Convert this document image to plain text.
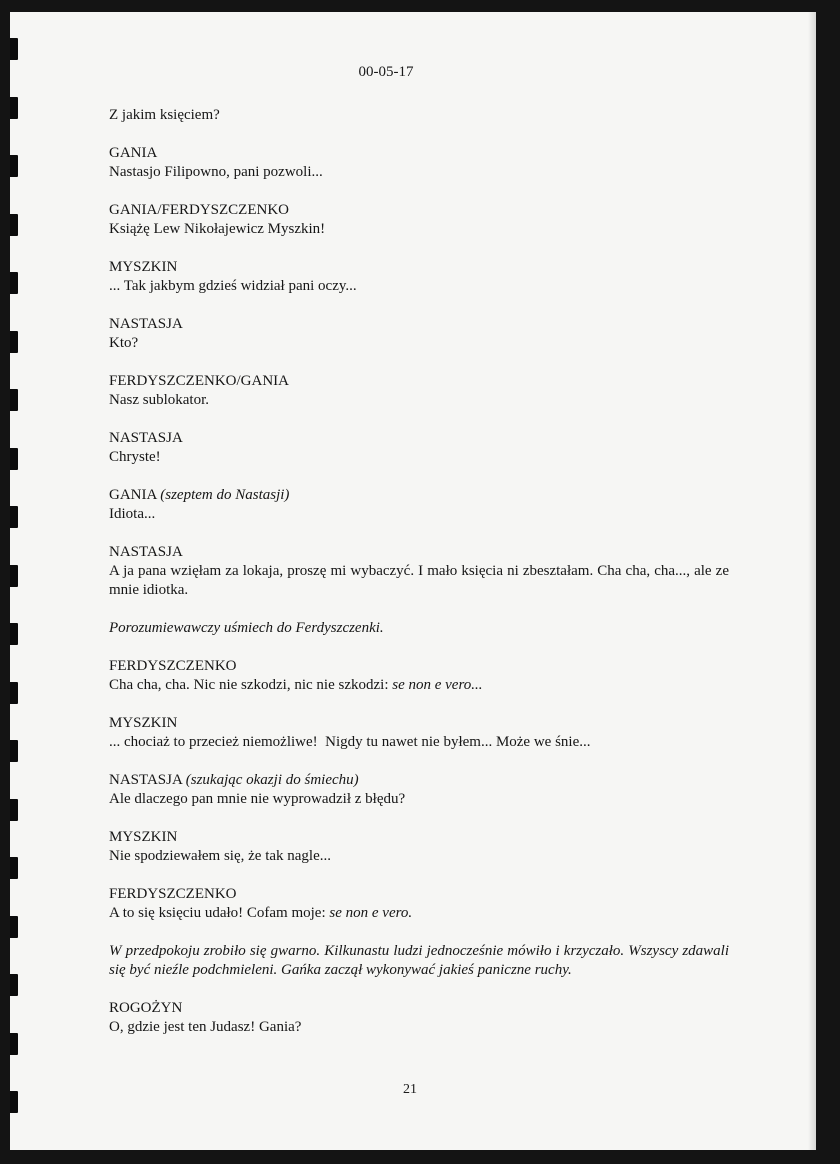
00-05-17
Z jakim księciem?
GANIA
Nastasjo Filipowno, pani pozwoli...
GANIA/FERDYSZCZENKO
Książę Lew Nikołajewicz Myszkin!
MYSZKIN
... Tak jakbym gdzieś widział pani oczy...
NASTASJA
Kto?
FERDYSZCZENKO/GANIA
Nasz sublokator.
NASTASJA
Chryste!
GANIA (szeptem do Nastasji)
Idiota...
NASTASJA
A ja pana wzięłam za lokaja, proszę mi wybaczyć. I mało księcia ni zbeształam. Cha cha, cha..., ale ze mnie idiotka.
Porozumiewawczy uśmiech do Ferdyszczenki.
FERDYSZCZENKO
Cha cha, cha. Nic nie szkodzi, nic nie szkodzi: se non e vero...
MYSZKIN
... chociaż to przecież niemożliwe!  Nigdy tu nawet nie byłem... Może we śnie...
NASTASJA (szukając okazji do śmiechu)
Ale dlaczego pan mnie nie wyprowadził z błędu?
MYSZKIN
Nie spodziewałem się, że tak nagle...
FERDYSZCZENKO
A to się księciu udało! Cofam moje: se non e vero.
W przedpokoju zrobiło się gwarno. Kilkunastu ludzi jednocześnie mówiło i krzyczało. Wszyscy zdawali się być nieźle podchmieleni. Gańka zaczął wykonywać jakieś paniczne ruchy.
ROGOŻYN
O, gdzie jest ten Judasz! Gania?
21
